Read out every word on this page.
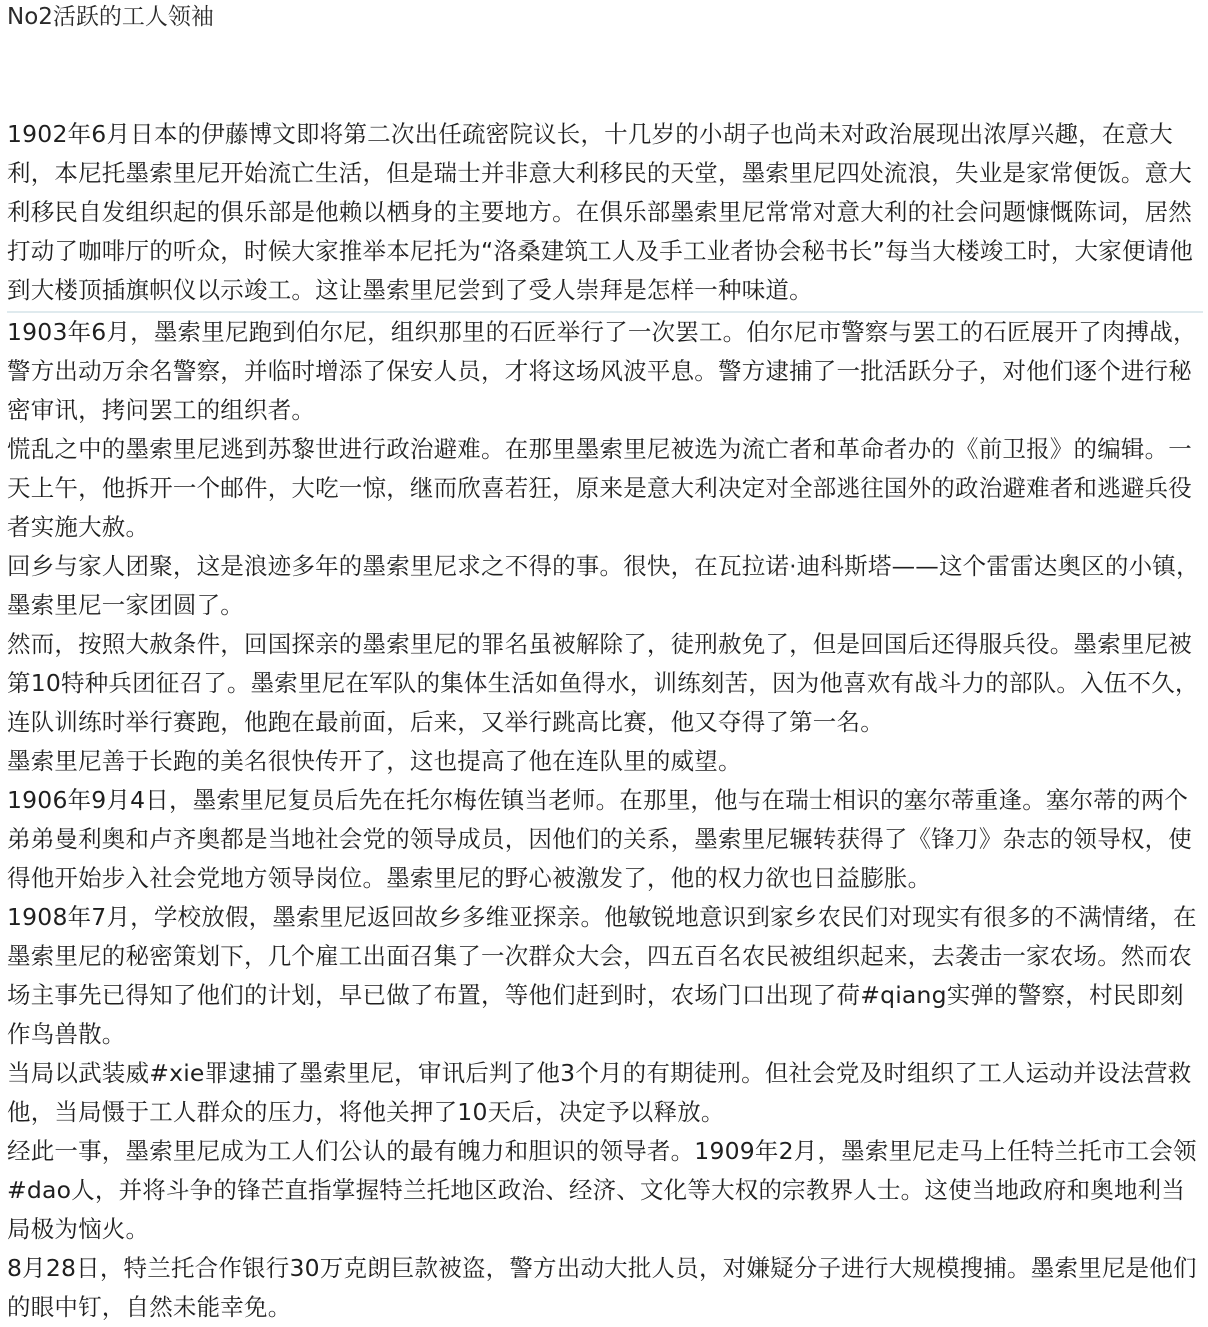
No2活跃的工人领袖

1902年6月日本的伊藤博文即将第二次出任疏密院议长，十几岁的小胡子也尚未对政治展现出浓厚兴趣，在意大利，本尼托墨索里尼开始流亡生活，但是瑞士并非意大利移民的天堂，墨索里尼四处流浪，失业是家常便饭。意大利移民自发组织起的俱乐部是他赖以栖身的主要地方。在俱乐部墨索里尼常常对意大利的社会问题慷慨陈词，居然打动了咖啡厅的听众，时候大家推举本尼托为“洛桑建筑工人及手工业者协会秘书长”每当大楼竣工时，大家便请他到大楼顶插旗帜仪以示竣工。这让墨索里尼尝到了受人崇拜是怎样一种味道。

1903年6月，墨索里尼跑到伯尔尼，组织那里的石匠举行了一次罢工。伯尔尼市警察与罢工的石匠展开了肉搏战，警方出动万余名警察，并临时增添了保安人员，才将这场风波平息。警方逮捕了一批活跃分子，对他们逐个进行秘密审讯，拷问罢工的组织者。

慌乱之中的墨索里尼逃到苏黎世进行政治避难。在那里墨索里尼被选为流亡者和革命者办的《前卫报》的编辑。一天上午，他拆开一个邮件，大吃一惊，继而欣喜若狂，原来是意大利决定对全部逃往国外的政治避难者和逃避兵役者实施大赦。

回乡与家人团聚，这是浪迹多年的墨索里尼求之不得的事。很快，在瓦拉诺·迪科斯塔——这个雷雷达奥区的小镇，墨索里尼一家团圆了。

然而，按照大赦条件，回国探亲的墨索里尼的罪名虽被解除了，徒刑赦免了，但是回国后还得服兵役。墨索里尼被第10特种兵团征召了。墨索里尼在军队的集体生活如鱼得水，训练刻苦，因为他喜欢有战斗力的部队。入伍不久，连队训练时举行赛跑，他跑在最前面，后来，又举行跳高比赛，他又夺得了第一名。

墨索里尼善于长跑的美名很快传开了，这也提高了他在连队里的威望。

1906年9月4日，墨索里尼复员后先在托尔梅佐镇当老师。在那里，他与在瑞士相识的塞尔蒂重逢。塞尔蒂的两个弟弟曼利奥和卢齐奥都是当地社会党的领导成员，因他们的关系，墨索里尼辗转获得了《锋刀》杂志的领导权，使得他开始步入社会党地方领导岗位。墨索里尼的野心被激发了，他的权力欲也日益膨胀。

1908年7月，学校放假，墨索里尼返回故乡多维亚探亲。他敏锐地意识到家乡农民们对现实有很多的不满情绪，在墨索里尼的秘密策划下，几个雇工出面召集了一次群众大会，四五百名农民被组织起来，去袭击一家农场。然而农场主事先已得知了他们的计划，早已做了布置，等他们赶到时，农场门口出现了荷#qiang实弹的警察，村民即刻作鸟兽散。

当局以武装威#xie罪逮捕了墨索里尼，审讯后判了他3个月的有期徒刑。但社会党及时组织了工人运动并设法营救他，当局慑于工人群众的压力，将他关押了10天后，决定予以释放。

经此一事，墨索里尼成为工人们公认的最有魄力和胆识的领导者。1909年2月，墨索里尼走马上任特兰托市工会领#dao人，并将斗争的锋芒直指掌握特兰托地区政治、经济、文化等大权的宗教界人士。这使当地政府和奥地利当局极为恼火。

8月28日，特兰托合作银行30万克朗巨款被盗，警方出动大批人员，对嫌疑分子进行大规模搜捕。墨索里尼是他们的眼中钉，自然未能幸免。
